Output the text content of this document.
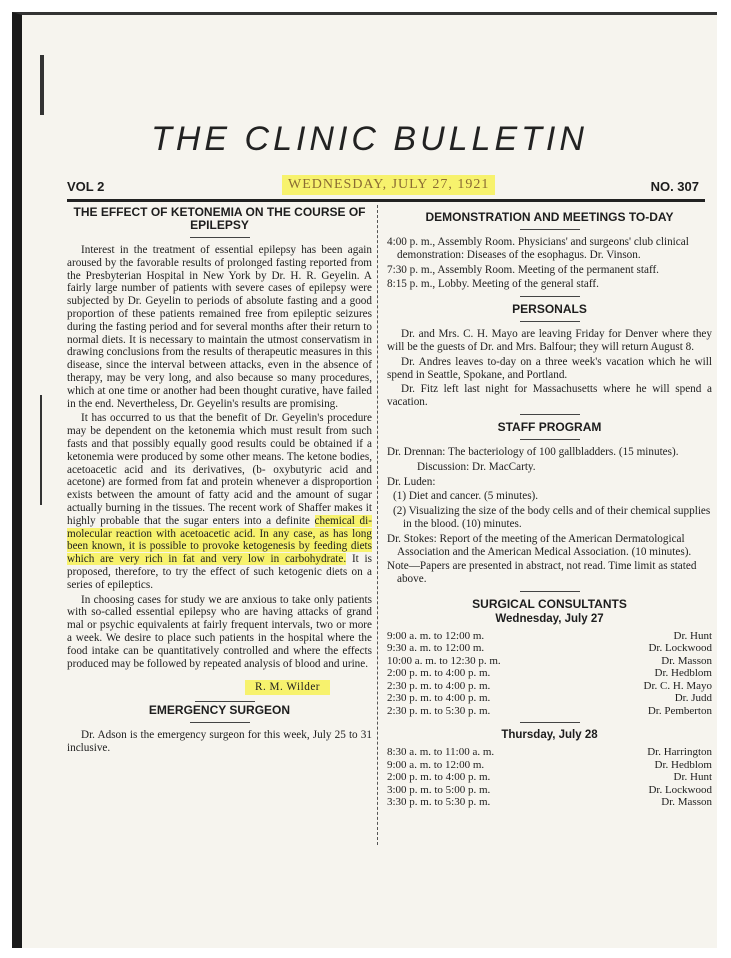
THE CLINIC BULLETIN
VOL 2	WEDNESDAY, JULY 27, 1921	NO. 307
THE EFFECT OF KETONEMIA ON THE COURSE OF EPILEPSY

Interest in the treatment of essential epilepsy has been again aroused by the favorable results of prolonged fasting reported from the Presbyterian Hospital in New York by Dr. H. R. Geyelin. A fairly large number of patients with severe cases of epilepsy were subjected by Dr. Geyelin to periods of absolute fasting and a good proportion of these patients remained free from epileptic seizures during the fasting period and for several months after their return to normal diets. It is necessary to maintain the utmost conservatism in drawing conclusions from the results of therapeutic measures in this disease, since the interval between attacks, even in the absence of therapy, may be very long, and also because so many procedures, which at one time or another had been thought curative, have failed in the end. Nevertheless, Dr. Geyelin's results are promising.

It has occurred to us that the benefit of Dr. Geyelin's procedure may be dependent on the ketonemia which must result from such fasts and that possibly equally good results could be obtained if a ketonemia were produced by some other means. The ketone bodies, acetoacetic acid and its derivatives, (b- oxybutyric acid and acetone) are formed from fat and protein whenever a disproportion exists between the amount of fatty acid and the amount of sugar actually burning in the tissues. The recent work of Shaffer makes it highly probable that the sugar enters into a definite chemical di-molecular reaction with acetoacetic acid. In any case, as has long been known, it is possible to provoke ketogenesis by feeding diets which are very rich in fat and very low in carbohydrate. It is proposed, therefore, to try the effect of such ketogenic diets on a series of epileptics.

In choosing cases for study we are anxious to take only patients with so-called essential epilepsy who are having attacks of grand mal or psychic equivalents at fairly frequent intervals, two or more a week. We desire to place such patients in the hospital where the food intake can be quantitatively controlled and where the effects produced may be followed by repeated analysis of blood and urine.

R. M. Wilder
EMERGENCY SURGEON

Dr. Adson is the emergency surgeon for this week, July 25 to 31 inclusive.

DEMONSTRATION AND MEETINGS TO-DAY
4:00 p. m., Assembly Room. Physicians' and surgeons' club clinical demonstration: Diseases of the esophagus. Dr. Vinson.
7:30 p. m., Assembly Room. Meeting of the permanent staff.
8:15 p. m., Lobby. Meeting of the general staff.
PERSONALS

Dr. and Mrs. C. H. Mayo are leaving Friday for Denver where they will be the guests of Dr. and Mrs. Balfour; they will return August 8.

Dr. Andres leaves to-day on a three week's vacation which he will spend in Seattle, Spokane, and Portland.

Dr. Fitz left last night for Massachusetts where he will spend a vacation.

STAFF PROGRAM
Dr. Drennan: The bacteriology of 100 gallbladders. (15 minutes).
Discussion: Dr. MacCarty.
Dr. Luden:
(1) Diet and cancer. (5 minutes).
(2) Visualizing the size of the body cells and of their chemical supplies in the blood. (10) minutes.
Dr. Stokes: Report of the meeting of the American Dermatological Association and the American Medical Association. (10 minutes).
Note—Papers are presented in abstract, not read. Time limit as stated above.
SURGICAL CONSULTANTS
Wednesday, July 27
9:00 a. m. to 12:00 m.	Dr. Hunt
9:30 a. m. to 12:00 m.	Dr. Lockwood
10:00 a. m. to 12:30 p. m.	Dr. Masson
2:00 p. m. to 4:00 p. m.	Dr. Hedblom
2:30 p. m. to 4:00 p. m.	Dr. C. H. Mayo
2:30 p. m. to 4:00 p. m.	Dr. Judd
2:30 p. m. to 5:30 p. m.	Dr. Pemberton
Thursday, July 28
8:30 a. m. to 11:00 a. m.	Dr. Harrington
9:00 a. m. to 12:00 m.	Dr. Hedblom
2:00 p. m. to 4:00 p. m.	Dr. Hunt
3:00 p. m. to 5:00 p. m.	Dr. Lockwood
3:30 p. m. to 5:30 p. m.	Dr. Masson
